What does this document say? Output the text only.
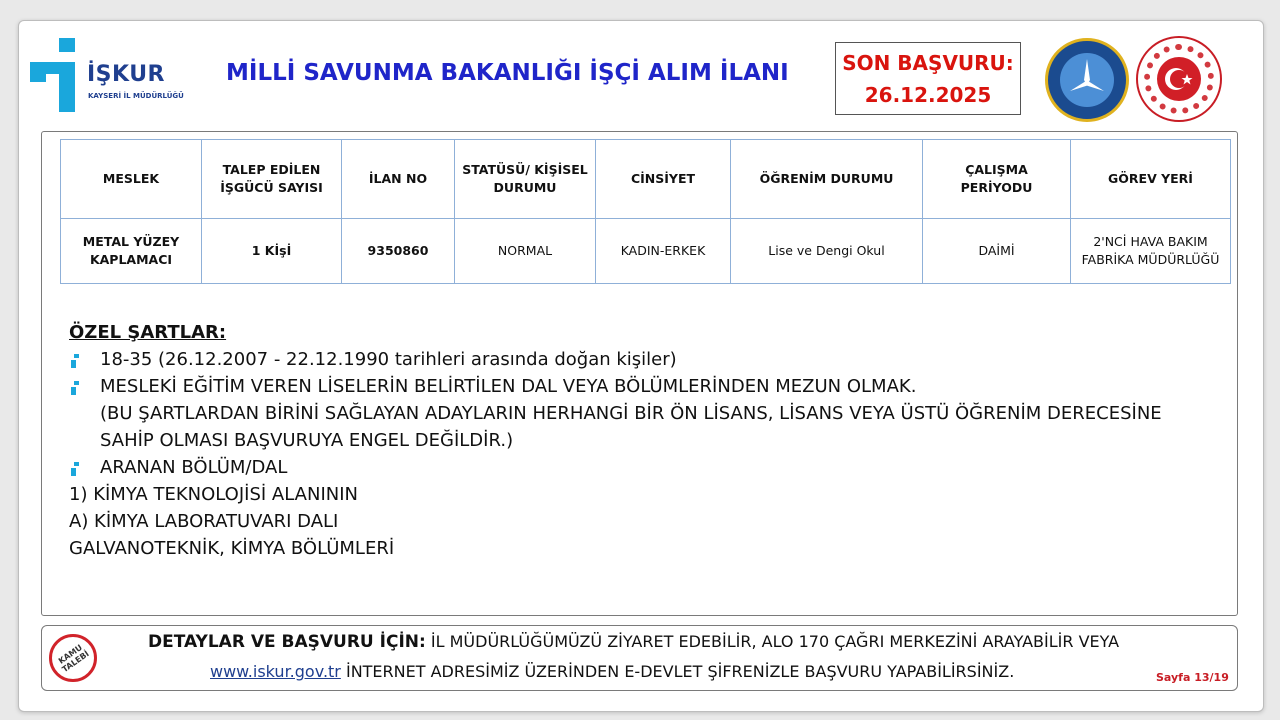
İŞKUR
KAYSERİ İL MÜDÜRLÜĞÜ
MİLLİ SAVUNMA BAKANLIĞI İŞÇİ ALIM İLANI	SON BAŞVURU:
26.12.2025
MESLEK	TALEP EDİLEN İŞGÜCÜ SAYISI	İLAN NO	STATÜSÜ/ KİŞİSEL DURUMU	CİNSİYET	ÖĞRENİM DURUMU	ÇALIŞMA PERİYODU	GÖREV YERİ
METAL YÜZEY KAPLAMACI	1 Kİşİ	9350860	NORMAL	KADIN-ERKEK	Lise ve Dengi Okul	DAİMİ	2'NCİ HAVA BAKIM FABRİKA MÜDÜRLÜĞÜ
ÖZEL ŞARTLAR:
18-35 (26.12.2007 - 22.12.1990 tarihleri arasında doğan kişiler)
MESLEKİ EĞİTİM VEREN LİSELERİN BELİRTİLEN DAL VEYA BÖLÜMLERİNDEN MEZUN OLMAK.
(BU ŞARTLARDAN BİRİNİ SAĞLAYAN ADAYLARIN HERHANGİ BİR ÖN LİSANS, LİSANS VEYA ÜSTÜ ÖĞRENİM DERECESİNE
SAHİP OLMASI BAŞVURUYA ENGEL DEĞİLDİR.)
ARANAN BÖLÜM/DAL
1) KİMYA TEKNOLOJİSİ ALANININ
A) KİMYA LABORATUVARI DALI
GALVANOTEKNİK, KİMYA BÖLÜMLERİ
KAMU TALEBİ
DETAYLAR VE BAŞVURU İÇİN: İL MÜDÜRLÜĞÜMÜZÜ ZİYARET EDEBİLİR, ALO 170 ÇAĞRI MERKEZİNİ ARAYABİLİR VEYA
www.iskur.gov.tr İNTERNET ADRESİMİZ ÜZERİNDEN E-DEVLET ŞİFRENİZLE BAŞVURU YAPABİLİRSİNİZ.	Sayfa 13/19
